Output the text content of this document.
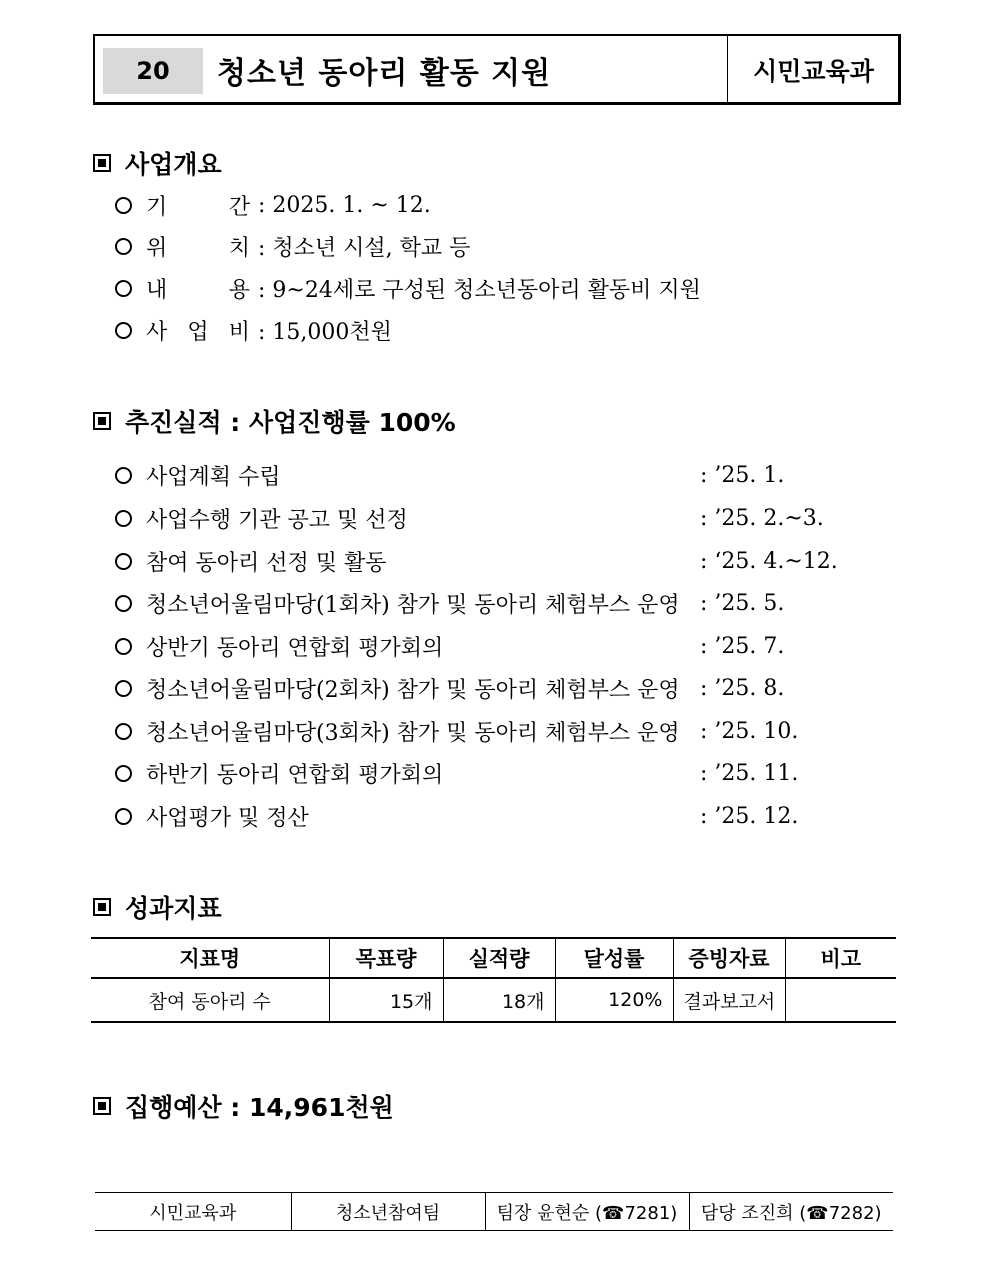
20	청소년 동아리 활동 지원	시민교육과
사업개요
기	간 : 2025. 1. ~ 12.
위	치 : 청소년 시설, 학교 등
내	용 : 9~24세로 구성된 청소년동아리 활동비 지원
사 업 비 : 15,000천원
추진실적 : 사업진행률 100%
사업계획 수립	: ’25. 1.
사업수행 기관 공고 및 선정	: ’25. 2.~3.
참여 동아리 선정 및 활동	: ‘25. 4.~12.
청소년어울림마당(1회차) 참가 및 동아리 체험부스 운영 : ’25. 5.
상반기 동아리 연합회 평가회의	: ’25. 7.
청소년어울림마당(2회차) 참가 및 동아리 체험부스 운영 : ’25. 8.
청소년어울림마당(3회차) 참가 및 동아리 체험부스 운영 : ’25. 10.
하반기 동아리 연합회 평가회의	: ’25. 11.
사업평가 및 정산	: ’25. 12.
성과지표
지표명	목표량	실적량	달성률	증빙자료	비고
참여 동아리 수	15개	18개	120%	결과보고서	
집행예산 : 14,961천원
시민교육과	청소년참여팀	팀장 윤현순 (☎7281)	담당 조진희 (☎7282)
